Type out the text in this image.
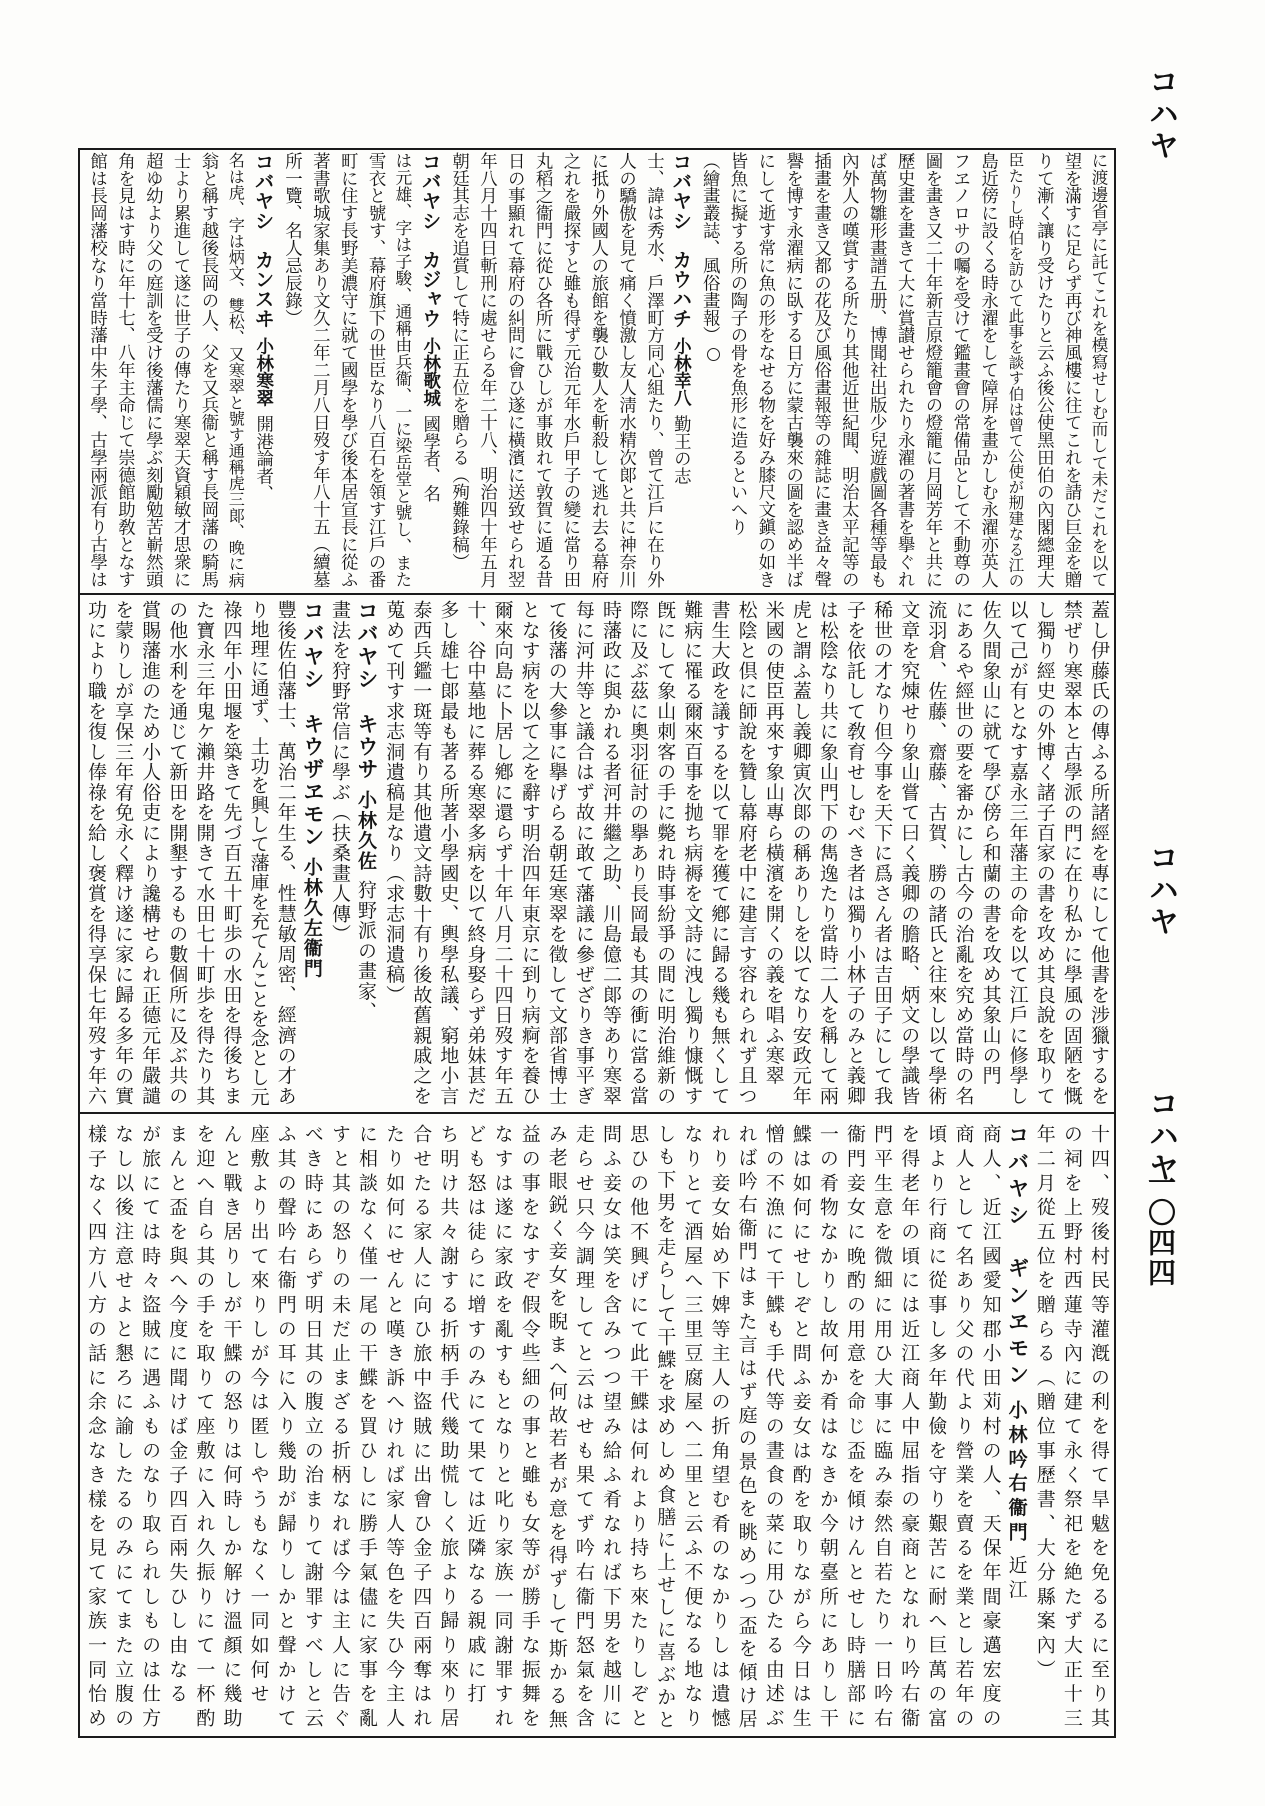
に渡邊省亭に託てこれを模寫せしむ而して未だこれを以て
望を滿すに足らず再び神風樓に往てこれを請ひ巨金を贈
りて漸く讓り受けたりと云ふ後公使黑田伯の內閣總理大
臣たりし時伯を訪ひて此事を談す伯は曾て公使が剏建なる江の
島近傍に設くる時永濯をして障屏を畫かしむ永濯亦英人
フヱノロサの囑を受けて鑑畫會の常備品として不動尊の
圖を畫き又二十年新吉原燈籠會の燈籠に月岡芳年と共に
歷史畫を畫きて大に賞讃せられたり永濯の著書を擧ぐれ
ば萬物雛形畫譜五册、博聞社出版少兒遊戲圖各種等最も
內外人の嘆賞する所たり其他近世紀聞、明治太平記等の
插畫を畫き又都の花及び風俗畫報等の雜誌に畫き益々聲
譽を博す永濯病に臥する日方に蒙古襲來の圖を認め半ば
にして逝す常に魚の形をなせる物を好み膝尺文鎭の如き
皆魚に擬する所の陶子の骨を魚形に造るといへり
（繪畫叢誌、風俗畫報）
コバヤシ　カウハチ小林幸八勤王の志
士、諱は秀水、戶澤町方同心組たり、曾て江戶に在り外
人の驕傲を見て痛く憤激し友人淸水精次郞と共に神奈川
に抵り外國人の旅館を襲ひ數人を斬殺して逃れ去る幕府
之れを嚴探すと雖も得ず元治元年水戶甲子の變に當り田
丸稻之衞門に從ひ各所に戰ひしが事敗れて敦賀に遁る昔
日の事顯れて幕府の糾問に會ひ遂に橫濱に送致せられ翌
年八月十四日斬刑に處せらる年二十八、明治四十年五月
朝廷其志を追賞して特に正五位を贈らる（殉難錄稿）
コバヤシ　カジャウ小林歌城國學者、名
は元雄、字は子駿、通稱由兵衞、一に梁岳堂と號し、また
雪衣と號す、幕府旗下の世臣なり八百石を領す江戶の番
町に住す長野美濃守に就て國學を學び後本居宣長に從ふ
著書歌城家集あり文久二年二月八日歿す年八十五（續墓
所一覽、名人忌辰錄）
コバヤシ　カンスヰ小林寒翠開港論者、
名は虎、字は炳文、雙松、又寒翠と號す通稱虎三郞、晚に病
翁と稱す越後長岡の人、父を又兵衞と稱す長岡藩の騎馬
士より累進して遂に世子の傳たり寒翠天資穎敏才思衆に
超ゆ幼より父の庭訓を受け後藩儒に學ぶ刻勵勉苦嶄然頭
角を見はす時に年十七、八年主命じて崇德館助敎となす
館は長岡藩校なり當時藩中朱子學、古學兩派有り古學は
蓋し伊藤氏の傳ふる所諸經を專にして他書を涉獵するを
禁ぜり寒翠本と古學派の門に在り私かに學風の固陋を慨
し獨り經史の外博く諸子百家の書を攻め其良說を取りて
以て己が有となす嘉永三年藩主の命を以て江戶に修學し
佐久間象山に就て學び傍ら和蘭の書を攻め其象山の門
にあるや經世の要を審かにし古今の治亂を究め當時の名
流羽倉、佐藤、齋藤、古賀、勝の諸氏と往來し以て學術
文章を究煉せり象山嘗て曰く義卿の膽略、炳文の學識皆
稀世の才なり但今事を天下に爲さん者は吉田子にして我
子を依託して敎育せしむべき者は獨り小林子のみと義卿
は松陰なり共に象山門下の雋逸たり當時二人を稱して兩
虎と謂ふ蓋し義卿寅次郞の稱ありしを以てなり安政元年
米國の使臣再來す象山專ら橫濱を開くの義を唱ふ寒翠
松陰と倶に師說を贊し幕府老中に建言す容れられず且つ
書生大政を議するを以て罪を獲て鄕に歸る幾も無くして
難病に罹る爾來百事を抛ち病褥を文詩に洩し獨り慷慨す
旣にして象山刺客の手に斃れ時事紛爭の間に明治維新の
際に及ぶ茲に奧羽征討の擧あり長岡最も其の衝に當る當
時藩政に與かれる者河井繼之助、川島億二郞等あり寒翠
每に河井等と議合はず故に敢て藩議に參ぜざりき事平ぎ
て後藩の大參事に擧げらる朝廷寒翠を徵して文部省博士
となす病を以て之を辭す明治四年東京に到り病痾を養ひ
爾來向島に卜居し鄕に還らず十年八月二十四日歿す年五
十、谷中墓地に葬る寒翠多病を以て終身娶らず弟妹甚だ
多し雄七郞最も著る所著小學國史、輿學私議、窮地小言
泰西兵鑑一斑等有り其他遺文詩數十有り後故舊親戚之を
蒐めて刊す求志洞遺稿是なり（求志洞遺稿）
コバヤシ　キウサ小林久佐狩野派の畫家、
畫法を狩野常信に學ぶ（扶桑畫人傳）
コバヤシ　キウザヱモン小林久左衞門
豐後佐伯藩士、萬治二年生る、性慧敏周密、經濟の才あ
り地理に通ず、土功を興して藩庫を充てんことを念とし元
祿四年小田堰を築きて先づ百五十町歩の水田を得後ちま
た寶永三年鬼ケ瀨井路を開きて水田七十町歩を得たり其
の他水利を通じて新田を開墾するもの數個所に及ぶ共の
賞賜藩進のため小人俗吏により讒構せられ正德元年嚴譴
を蒙りしが享保三年宥免永く釋け遂に家に歸る多年の實
功により職を復し俸祿を給し褒賞を得享保七年歿す年六
十四、歿後村民等灌漑の利を得て旱魃を免るるに至り其
の祠を上野村西蓮寺內に建て永く祭祀を絶たず大正十三
年二月從五位を贈らる（贈位事歷書、大分縣案內）
コバヤシ　ギンヱモン小林吟右衞門近江
商人、近江國愛知郡小田苅村の人、天保年間豪邁宏度の
商人として名あり父の代より營業を賣るを業とし若年の
頃より行商に從事し多年勤儉を守り艱苦に耐へ巨萬の富
を得老年の頃には近江商人中屈指の豪商となれり吟右衞
門平生意を微細に用ひ大事に臨み泰然自若たり一日吟右
衞門妾女に晚酌の用意を命じ盃を傾けんとせし時膳部に
一の肴物なかりし故何か肴はなきか今朝臺所にありし干
鰈は如何にせしぞと問ふ妾女は酌を取りながら今日は生
憎の不漁にて干鰈も手代等の晝食の菜に用ひたる由述ぶ
れば吟右衞門はまた言はず庭の景色を眺めつつ盃を傾け居
れり妾女始め下婢等主人の折角望む肴のなかりしは遺憾
なりとて酒屋へ三里豆腐屋へ二里と云ふ不便なる地なり
しも下男を走らして干鰈を求めしめ食膳に上せしに喜ぶかと
思ひの他不興げにて此干鰈は何れより持ち來たりしぞと
問ふ妾女は笑を含みつつ望み給ふ肴なれば下男を越川に
走らせ只今調理してと云はせも果てず吟右衞門怒氣を含
み老眼鋭く妾女を睨まへ何故若者が意を得ずして斯かる無
益の事をなすぞ假令些細の事と雖も女等が勝手な振舞を
なすは遂に家政を亂すもとなりと叱り家族一同謝罪すれ
ども怒は徒らに增すのみにて果ては近隣なる親戚に打
ち明け共々謝する折柄手代幾助慌しく旅より歸り來り居
合せたる家人に向ひ旅中盜賊に出會ひ金子四百兩奪はれ
たり如何にせんと嘆き訴へければ家人等色を失ひ今主人
に相談なく僅一尾の干鰈を買ひしに勝手氣儘に家事を亂
すと其の怒りの未だ止まざる折柄なれば今は主人に告ぐ
べき時にあらず明日其の腹立の治まりて謝罪すべしと云
ふ其の聲吟右衞門の耳に入り幾助が歸りしかと聲かけて
座敷より出て來りしが今は匿しやうもなく一同如何せ
んと戰き居りしが干鰈の怒りは何時しか解け溫顏に幾助
を迎へ自ら其の手を取りて座敷に入れ久振りにて一杯酌
まんと盃を與へ今度に聞けば金子四百兩失ひし由なる
が旅にては時々盜賊に遇ふものなり取られしものは仕方
なし以後注意せよと懇ろに諭したるのみにてまた立腹の
樣子なく四方八方の話に余念なき樣を見て家族一同怡め
コハヤ
コハヤ
コハヤ
一〇四四
